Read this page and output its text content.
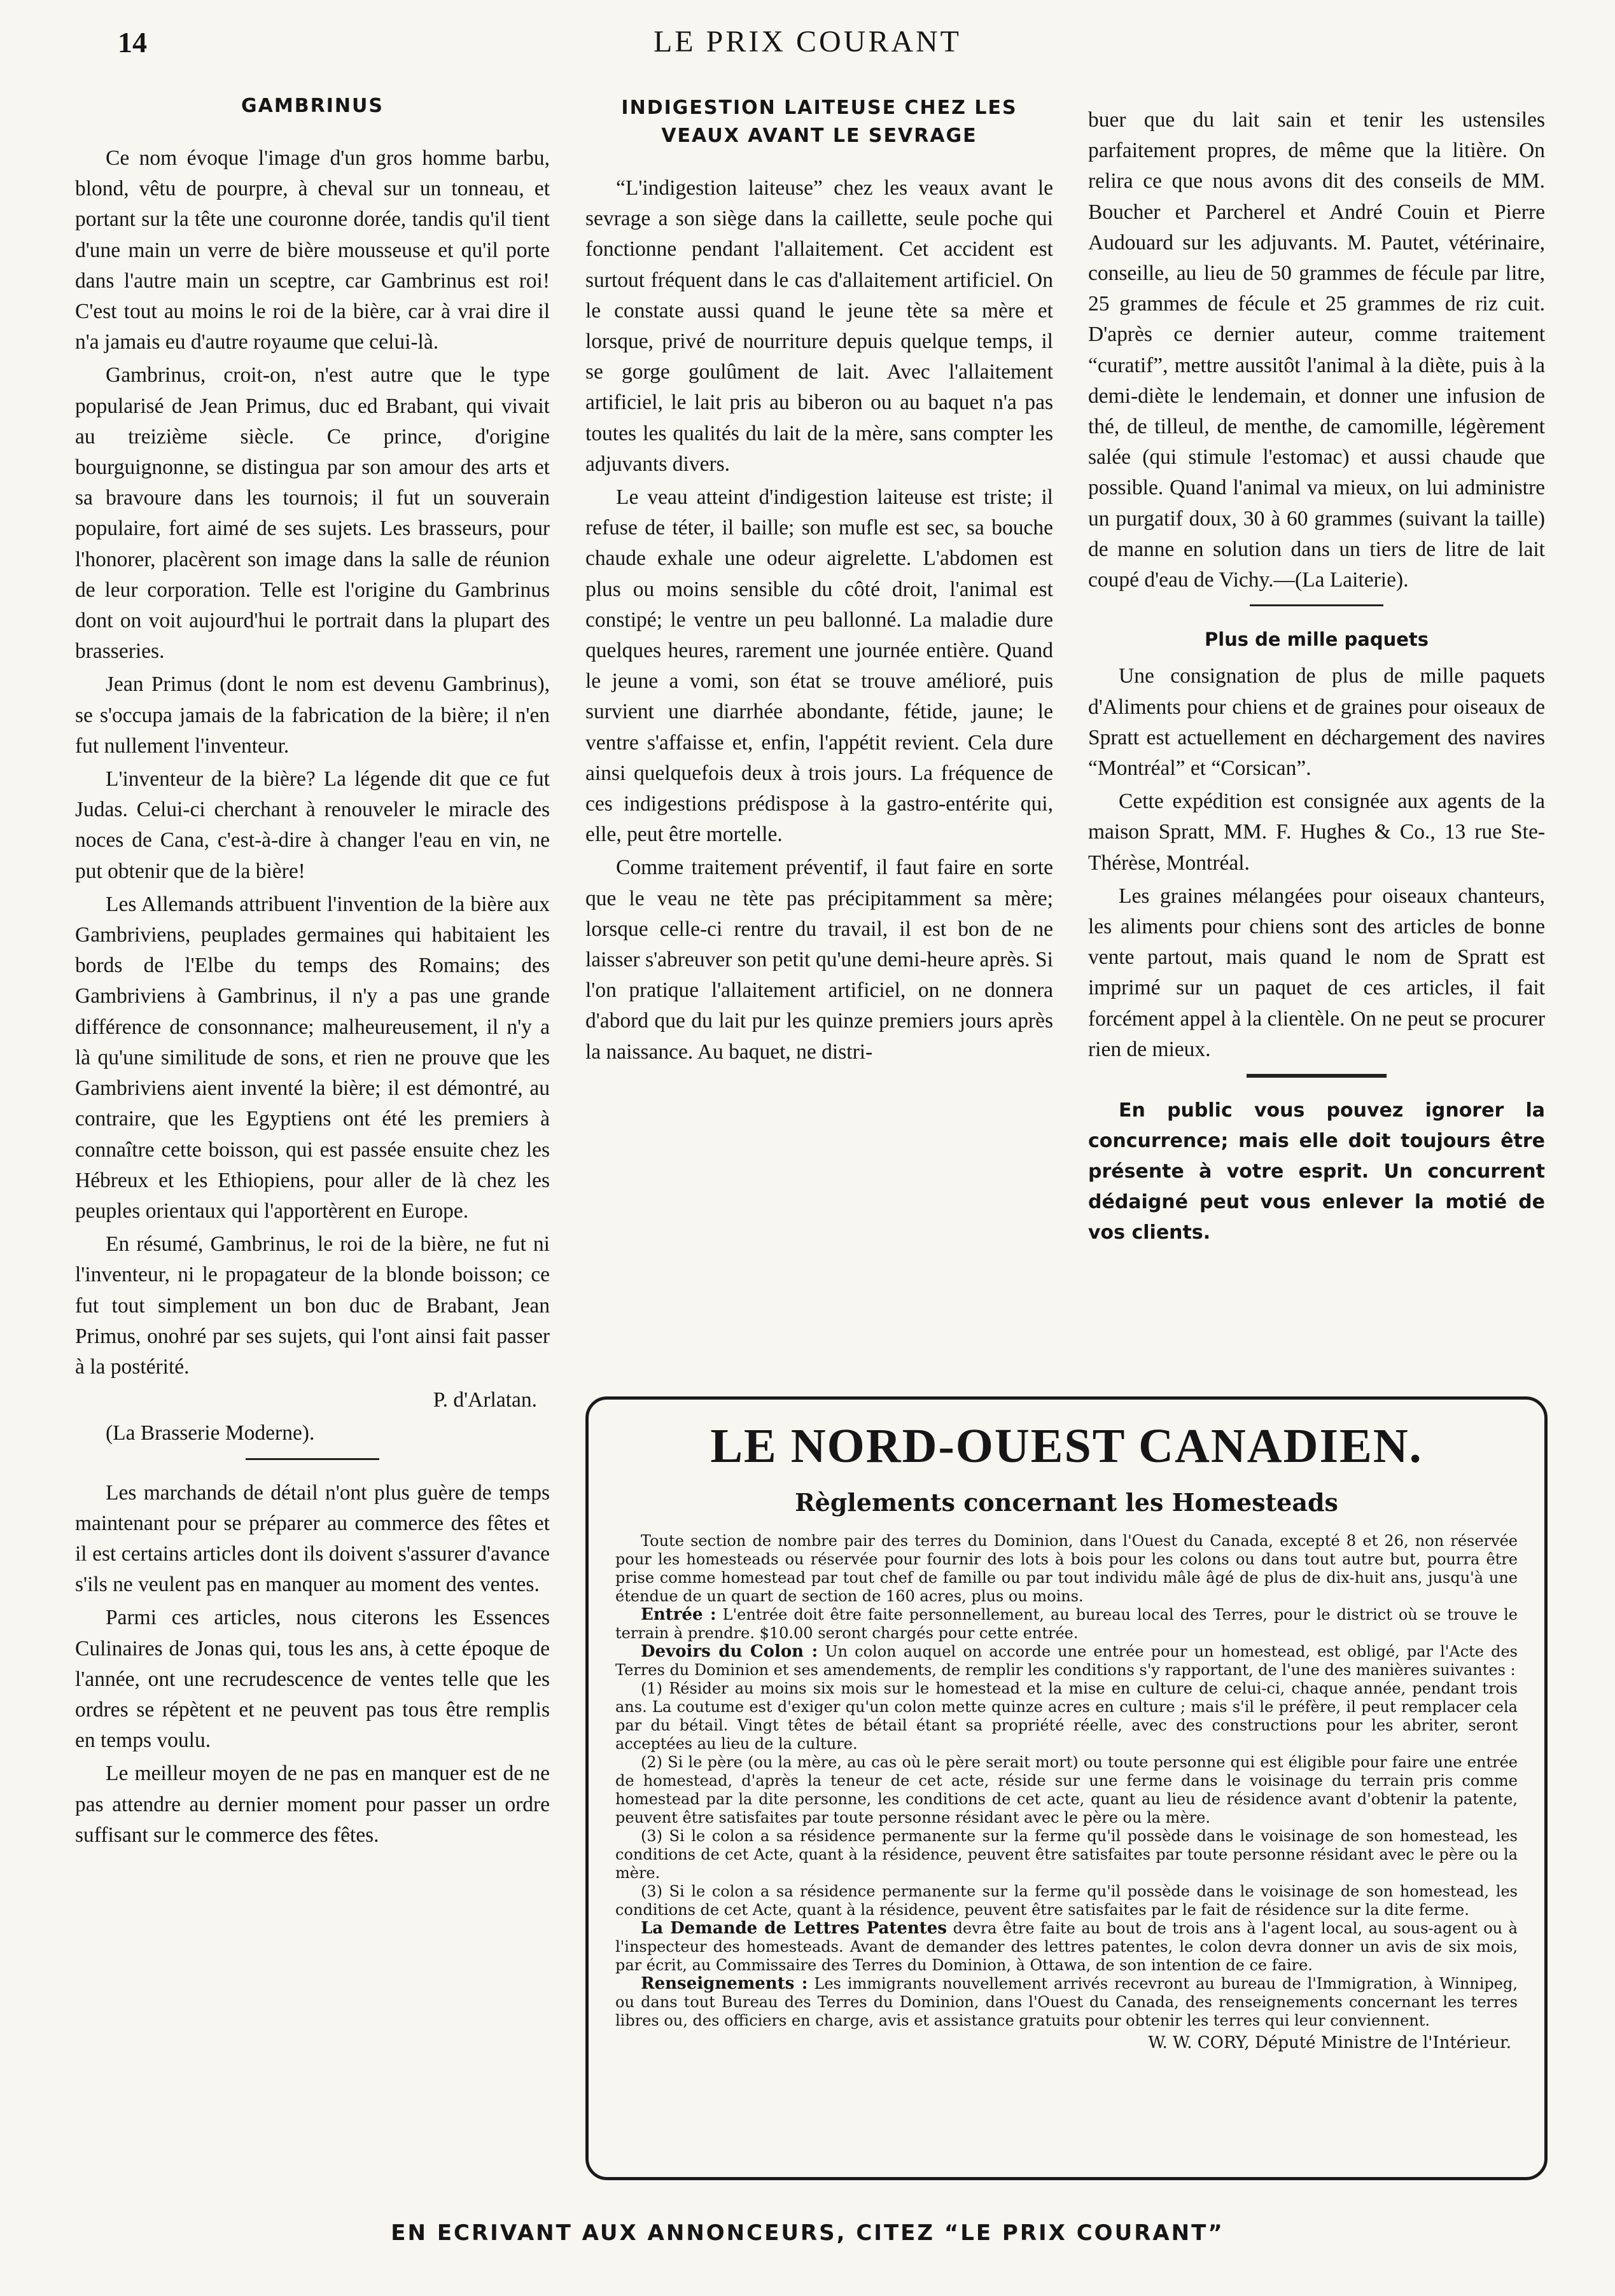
14	LE PRIX COURANT
GAMBRINUS

Ce nom évoque l'image d'un gros homme barbu, blond, vêtu de pourpre, à cheval sur un tonneau, et portant sur la tête une couronne dorée, tandis qu'il tient d'une main un verre de bière mousseuse et qu'il porte dans l'autre main un sceptre, car Gambrinus est roi! C'est tout au moins le roi de la bière, car à vrai dire il n'a jamais eu d'autre royaume que celui-là.

Gambrinus, croit-on, n'est autre que le type popularisé de Jean Primus, duc ed Brabant, qui vivait au treizième siècle. Ce prince, d'origine bourguignonne, se distingua par son amour des arts et sa bravoure dans les tournois; il fut un souverain populaire, fort aimé de ses sujets. Les brasseurs, pour l'honorer, placèrent son image dans la salle de réunion de leur corporation. Telle est l'origine du Gambrinus dont on voit aujourd'hui le portrait dans la plupart des brasseries.

Jean Primus (dont le nom est devenu Gambrinus), se s'occupa jamais de la fabrication de la bière; il n'en fut nullement l'inventeur.

L'inventeur de la bière? La légende dit que ce fut Judas. Celui-ci cherchant à renouveler le miracle des noces de Cana, c'est-à-dire à changer l'eau en vin, ne put obtenir que de la bière!

Les Allemands attribuent l'invention de la bière aux Gambriviens, peuplades germaines qui habitaient les bords de l'Elbe du temps des Romains; des Gambriviens à Gambrinus, il n'y a pas une grande différence de consonnance; malheureusement, il n'y a là qu'une similitude de sons, et rien ne prouve que les Gambriviens aient inventé la bière; il est démontré, au contraire, que les Egyptiens ont été les premiers à connaître cette boisson, qui est passée ensuite chez les Hébreux et les Ethiopiens, pour aller de là chez les peuples orientaux qui l'apportèrent en Europe.

En résumé, Gambrinus, le roi de la bière, ne fut ni l'inventeur, ni le propagateur de la blonde boisson; ce fut tout simplement un bon duc de Brabant, Jean Primus, onohré par ses sujets, qui l'ont ainsi fait passer à la postérité.

P. d'Arlatan.

(La Brasserie Moderne).

Les marchands de détail n'ont plus guère de temps maintenant pour se préparer au commerce des fêtes et il est certains articles dont ils doivent s'assurer d'avance s'ils ne veulent pas en manquer au moment des ventes.

Parmi ces articles, nous citerons les Essences Culinaires de Jonas qui, tous les ans, à cette époque de l'année, ont une recrudescence de ventes telle que les ordres se répètent et ne peuvent pas tous être remplis en temps voulu.

Le meilleur moyen de ne pas en manquer est de ne pas attendre au dernier moment pour passer un ordre suffisant sur le commerce des fêtes.

INDIGESTION LAITEUSE CHEZ LES VEAUX AVANT LE SEVRAGE

“L'indigestion laiteuse” chez les veaux avant le sevrage a son siège dans la caillette, seule poche qui fonctionne pendant l'allaitement. Cet accident est surtout fréquent dans le cas d'allaitement artificiel. On le constate aussi quand le jeune tète sa mère et lorsque, privé de nourriture depuis quelque temps, il se gorge goulûment de lait. Avec l'allaitement artificiel, le lait pris au biberon ou au baquet n'a pas toutes les qualités du lait de la mère, sans compter les adjuvants divers.

Le veau atteint d'indigestion laiteuse est triste; il refuse de téter, il baille; son mufle est sec, sa bouche chaude exhale une odeur aigrelette. L'abdomen est plus ou moins sensible du côté droit, l'animal est constipé; le ventre un peu ballonné. La maladie dure quelques heures, rarement une journée entière. Quand le jeune a vomi, son état se trouve amélioré, puis survient une diarrhée abondante, fétide, jaune; le ventre s'affaisse et, enfin, l'appétit revient. Cela dure ainsi quelquefois deux à trois jours. La fréquence de ces indigestions prédispose à la gastro-entérite qui, elle, peut être mortelle.

Comme traitement préventif, il faut faire en sorte que le veau ne tète pas précipitamment sa mère; lorsque celle-ci rentre du travail, il est bon de ne laisser s'abreuver son petit qu'une demi-heure après. Si l'on pratique l'allaitement artificiel, on ne donnera d'abord que du lait pur les quinze premiers jours après la naissance. Au baquet, ne distri-

buer que du lait sain et tenir les ustensiles parfaitement propres, de même que la litière. On relira ce que nous avons dit des conseils de MM. Boucher et Parcherel et André Couin et Pierre Audouard sur les adjuvants. M. Pautet, vétérinaire, conseille, au lieu de 50 grammes de fécule par litre, 25 grammes de fécule et 25 grammes de riz cuit. D'après ce dernier auteur, comme traitement “curatif”, mettre aussitôt l'animal à la diète, puis à la demi-diète le lendemain, et donner une infusion de thé, de tilleul, de menthe, de camomille, légèrement salée (qui stimule l'estomac) et aussi chaude que possible. Quand l'animal va mieux, on lui administre un purgatif doux, 30 à 60 grammes (suivant la taille) de manne en solution dans un tiers de litre de lait coupé d'eau de Vichy.—(La Laiterie).

Plus de mille paquets

Une consignation de plus de mille paquets d'Aliments pour chiens et de graines pour oiseaux de Spratt est actuellement en déchargement des navires “Montréal” et “Corsican”.

Cette expédition est consignée aux agents de la maison Spratt, MM. F. Hughes & Co., 13 rue Ste-Thérèse, Montréal.

Les graines mélangées pour oiseaux chanteurs, les aliments pour chiens sont des articles de bonne vente partout, mais quand le nom de Spratt est imprimé sur un paquet de ces articles, il fait forcément appel à la clientèle. On ne peut se procurer rien de mieux.

En public vous pouvez ignorer la concurrence; mais elle doit toujours être présente à votre esprit. Un concurrent dédaigné peut vous enlever la motié de vos clients.

LE NORD-OUEST CANADIEN.
Règlements concernant les Homesteads

Toute section de nombre pair des terres du Dominion, dans l'Ouest du Canada, excepté 8 et 26, non réservée pour les homesteads ou réservée pour fournir des lots à bois pour les colons ou dans tout autre but, pourra être prise comme homestead par tout chef de famille ou par tout individu mâle âgé de plus de dix-huit ans, jusqu'à une étendue de un quart de section de 160 acres, plus ou moins.

Entrée : L'entrée doit être faite personnellement, au bureau local des Terres, pour le district où se trouve le terrain à prendre. $10.00 seront chargés pour cette entrée.

Devoirs du Colon : Un colon auquel on accorde une entrée pour un homestead, est obligé, par l'Acte des Terres du Dominion et ses amendements, de remplir les conditions s'y rapportant, de l'une des manières suivantes :

(1) Résider au moins six mois sur le homestead et la mise en culture de celui-ci, chaque année, pendant trois ans. La coutume est d'exiger qu'un colon mette quinze acres en culture ; mais s'il le préfère, il peut remplacer cela par du bétail. Vingt têtes de bétail étant sa propriété réelle, avec des constructions pour les abriter, seront acceptées au lieu de la culture.

(2) Si le père (ou la mère, au cas où le père serait mort) ou toute personne qui est éligible pour faire une entrée de homestead, d'après la teneur de cet acte, réside sur une ferme dans le voisinage du terrain pris comme homestead par la dite personne, les conditions de cet acte, quant au lieu de résidence avant d'obtenir la patente, peuvent être satisfaites par toute personne résidant avec le père ou la mère.

(3) Si le colon a sa résidence permanente sur la ferme qu'il possède dans le voisinage de son homestead, les conditions de cet Acte, quant à la résidence, peuvent être satisfaites par toute personne résidant avec le père ou la mère.

(3) Si le colon a sa résidence permanente sur la ferme qu'il possède dans le voisinage de son homestead, les conditions de cet Acte, quant à la résidence, peuvent être satisfaites par le fait de résidence sur la dite ferme.

La Demande de Lettres Patentes devra être faite au bout de trois ans à l'agent local, au sous-agent ou à l'inspecteur des homesteads. Avant de demander des lettres patentes, le colon devra donner un avis de six mois, par écrit, au Commissaire des Terres du Dominion, à Ottawa, de son intention de ce faire.

Renseignements : Les immigrants nouvellement arrivés recevront au bureau de l'Immigration, à Winnipeg, ou dans tout Bureau des Terres du Dominion, dans l'Ouest du Canada, des renseignements concernant les terres libres ou, des officiers en charge, avis et assistance gratuits pour obtenir les terres qui leur conviennent.

W. W. CORY, Député Ministre de l'Intérieur.

EN ECRIVANT AUX ANNONCEURS, CITEZ “LE PRIX COURANT”
